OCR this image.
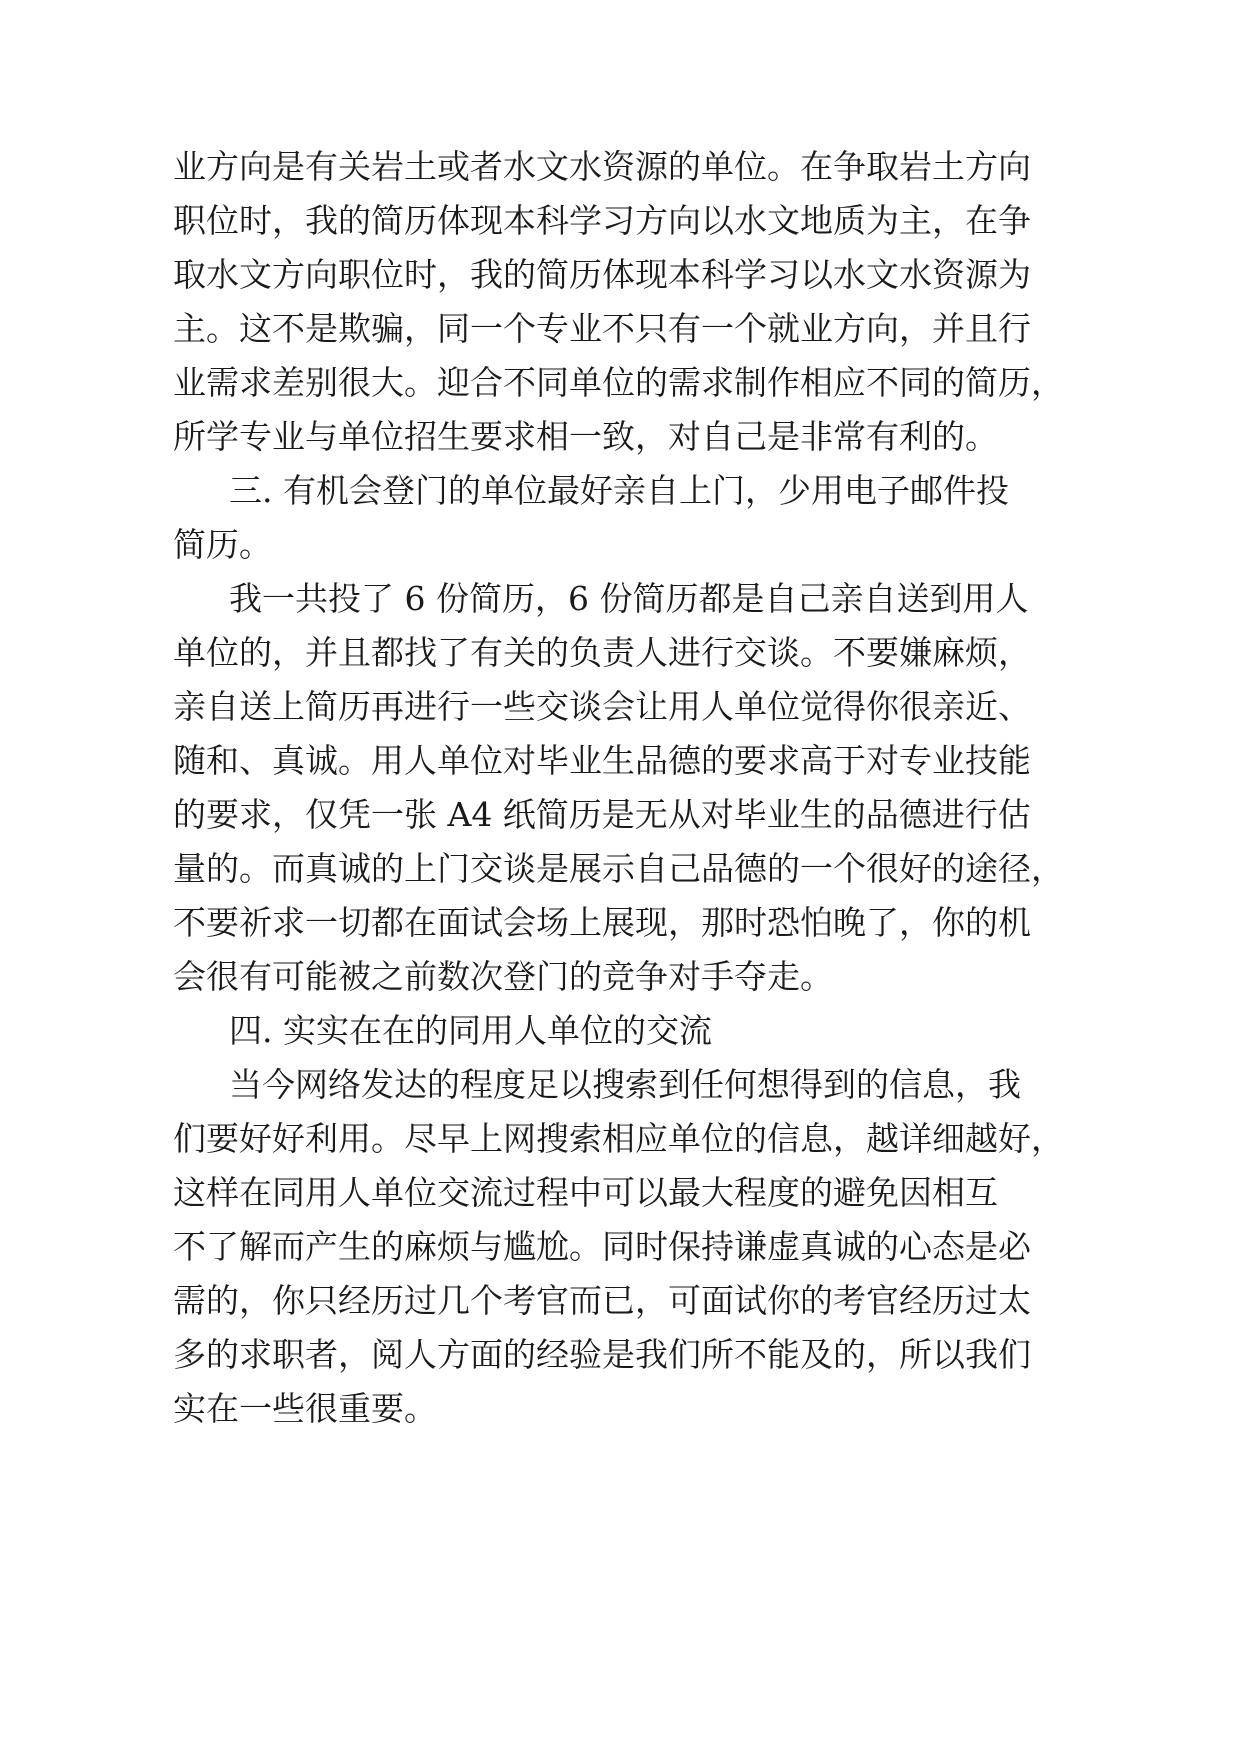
业方向是有关岩土或者水文水资源的单位。在争取岩土方向

职位时，我的简历体现本科学习方向以水文地质为主，在争

取水文方向职位时，我的简历体现本科学习以水文水资源为

主。这不是欺骗，同一个专业不只有一个就业方向，并且行

业需求差别很大。迎合不同单位的需求制作相应不同的简历，

所学专业与单位招生要求相一致，对自己是非常有利的。

三. 有机会登门的单位最好亲自上门，少用电子邮件投

简历。

我一共投了 6 份简历，6 份简历都是自己亲自送到用人

单位的，并且都找了有关的负责人进行交谈。不要嫌麻烦，

亲自送上简历再进行一些交谈会让用人单位觉得你很亲近、

随和、真诚。用人单位对毕业生品德的要求高于对专业技能

的要求，仅凭一张 A4 纸简历是无从对毕业生的品德进行估

量的。而真诚的上门交谈是展示自己品德的一个很好的途径，

不要祈求一切都在面试会场上展现，那时恐怕晚了，你的机

会很有可能被之前数次登门的竞争对手夺走。

四. 实实在在的同用人单位的交流

当今网络发达的程度足以搜索到任何想得到的信息，我

们要好好利用。尽早上网搜索相应单位的信息，越详细越好，

这样在同用人单位交流过程中可以最大程度的避免因相互

不了解而产生的麻烦与尴尬。同时保持谦虚真诚的心态是必

需的，你只经历过几个考官而已，可面试你的考官经历过太

多的求职者，阅人方面的经验是我们所不能及的，所以我们

实在一些很重要。
